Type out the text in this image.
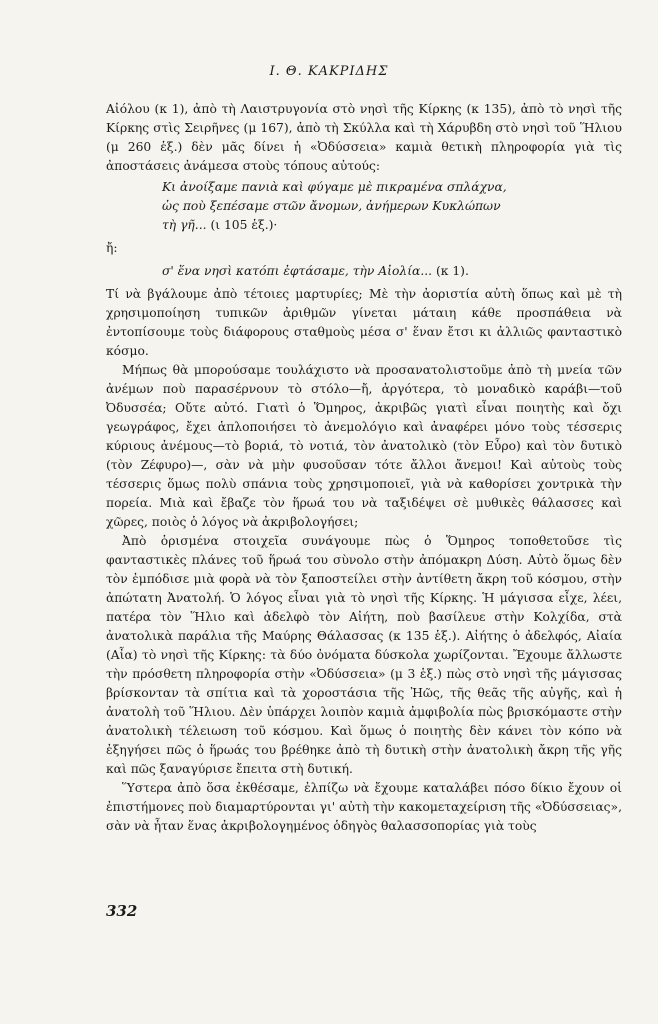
Ι. Θ. ΚΑΚΡΙΔΗΣ

Αἰόλου (κ 1), ἀπὸ τὴ Λαιστρυγονία στὸ νησὶ τῆς Κίρκης (κ 135), ἀπὸ τὸ νησὶ τῆς Κίρκης στὶς Σειρῆνες (μ 167), ἀπὸ τὴ Σκύλλα καὶ τὴ Χάρυβδη στὸ νησὶ τοῦ Ἥλιου (μ 260 ἑξ.) δὲν μᾶς δίνει ἡ «Ὀδύσσεια» καμιὰ θετικὴ πληροφορία γιὰ τὶς ἀποστάσεις ἀνάμεσα στοὺς τόπους αὐτούς:

Κι ἀνοίξαμε πανιὰ καὶ φύγαμε μὲ πικραμένα σπλάχνα,
ὡς ποὺ ξεπέσαμε στῶν ἄνομων, ἀνήμερων Κυκλώπων
τὴ γῆ... (ι 105 ἑξ.)·

ἤ:

σ' ἕνα νησὶ κατόπι ἐφτάσαμε, τὴν Αἰολία... (κ 1).

Τί νὰ βγάλουμε ἀπὸ τέτοιες μαρτυρίες; Μὲ τὴν ἀοριστία αὐτὴ ὅπως καὶ μὲ τὴ χρησιμοποίηση τυπικῶν ἀριθμῶν γίνεται μάταιη κάθε προσπάθεια νὰ ἐντοπίσουμε τοὺς διάφορους σταθμοὺς μέσα σ' ἕναν ἔτσι κι ἀλλιῶς φανταστικὸ κόσμο.

Μήπως θὰ μπορούσαμε τουλάχιστο νὰ προσανατολιστοῦμε ἀπὸ τὴ μνεία τῶν ἀνέμων ποὺ παρασέρνουν τὸ στόλο—ἤ, ἀργότερα, τὸ μοναδικὸ καράβι—τοῦ Ὀδυσσέα; Οὔτε αὐτό. Γιατὶ ὁ Ὅμηρος, ἀκριβῶς γιατὶ εἶναι ποιητὴς καὶ ὄχι γεωγράφος, ἔχει ἁπλοποιήσει τὸ ἀνεμολόγιο καὶ ἀναφέρει μόνο τοὺς τέσσερις κύριους ἀνέμους—τὸ βοριά, τὸ νοτιά, τὸν ἀνατολικὸ (τὸν Εὖρο) καὶ τὸν δυτικὸ (τὸν Ζέφυρο)—, σὰν νὰ μὴν φυσοῦσαν τότε ἄλλοι ἄνεμοι! Καὶ αὐτοὺς τοὺς τέσσερις ὅμως πολὺ σπάνια τοὺς χρησιμοποιεῖ, γιὰ νὰ καθορίσει χοντρικὰ τὴν πορεία. Μιὰ καὶ ἔβαζε τὸν ἥρωά του νὰ ταξιδέψει σὲ μυθικὲς θάλασσες καὶ χῶρες, ποιὸς ὁ λόγος νὰ ἀκριβολογήσει;

Ἀπὸ ὁρισμένα στοιχεῖα συνάγουμε πὼς ὁ Ὅμηρος τοποθετοῦσε τὶς φανταστικὲς πλάνες τοῦ ἥρωά του σὺνολο στὴν ἀπόμακρη Δύση. Αὐτὸ ὅμως δὲν τὸν ἐμπόδισε μιὰ φορὰ νὰ τὸν ξαποστείλει στὴν ἀντίθετη ἄκρη τοῦ κόσμου, στὴν ἀπώτατη Ἀνατολή. Ὁ λόγος εἶναι γιὰ τὸ νησὶ τῆς Κίρκης. Ἡ μάγισσα εἶχε, λέει, πατέρα τὸν Ἥλιο καὶ ἀδελφὸ τὸν Αἰήτη, ποὺ βασίλευε στὴν Κολχίδα, στὰ ἀνατολικὰ παράλια τῆς Μαύρης Θάλασσας (κ 135 ἑξ.). Αἰήτης ὁ ἀδελφός, Αἰαία (Αἶα) τὸ νησὶ τῆς Κίρκης: τὰ δύο ὀνόματα δύσκολα χωρίζονται. Ἔχουμε ἄλλωστε τὴν πρόσθετη πληροφορία στὴν «Ὀδύσσεια» (μ 3 ἑξ.) πὼς στὸ νησὶ τῆς μάγισσας βρίσκονταν τὰ σπίτια καὶ τὰ χοροστάσια τῆς Ἠῶς, τῆς θεᾶς τῆς αὐγῆς, καὶ ἡ ἀνατολὴ τοῦ Ἥλιου. Δὲν ὑπάρχει λοιπὸν καμιὰ ἀμφιβολία πὼς βρισκόμαστε στὴν ἀνατολικὴ τέλειωση τοῦ κόσμου. Καὶ ὅμως ὁ ποιητὴς δὲν κάνει τὸν κόπο νὰ ἐξηγήσει πῶς ὁ ἥρωάς του βρέθηκε ἀπὸ τὴ δυτικὴ στὴν ἀνατολικὴ ἄκρη τῆς γῆς καὶ πῶς ξαναγύρισε ἔπειτα στὴ δυτική.

Ὕστερα ἀπὸ ὅσα ἐκθέσαμε, ἐλπίζω νὰ ἔχουμε καταλάβει πόσο δίκιο ἔχουν οἱ ἐπιστήμονες ποὺ διαμαρτύρονται γι' αὐτὴ τὴν κακομεταχείριση τῆς «Ὀδύσσειας», σὰν νὰ ἦταν ἕνας ἀκριβολογημένος ὁδηγὸς θαλασσοπορίας γιὰ τοὺς

332
